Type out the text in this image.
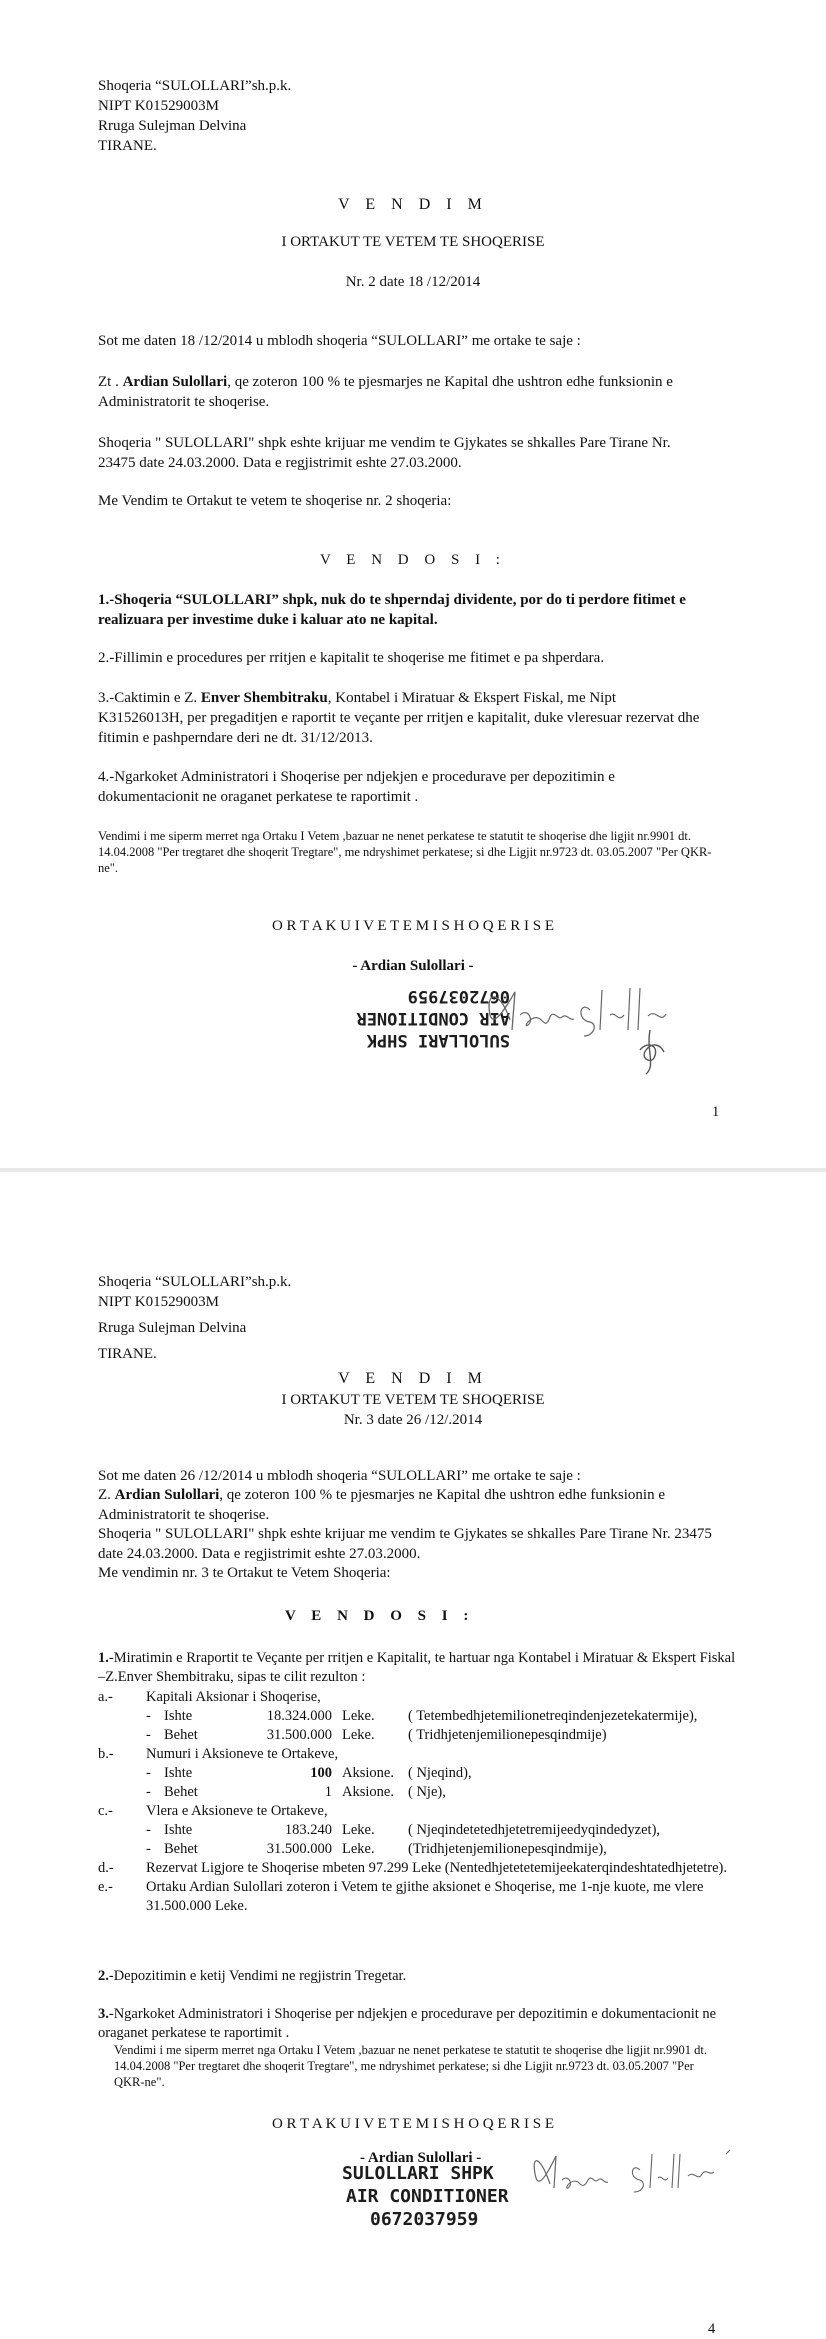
Shoqeria “SULOLLARI”sh.p.k.
NIPT K01529003M
Rruga Sulejman Delvina
TIRANE.
V E N D I M
I ORTAKUT TE VETEM TE SHOQERISE
Nr. 2 date 18 /12/2014
Sot me daten 18 /12/2014 u mblodh shoqeria “SULOLLARI” me ortake te saje :
Zt . Ardian Sulollari, qe zoteron 100 % te pjesmarjes ne Kapital dhe ushtron edhe funksionin e Administratorit te shoqerise.
Shoqeria " SULOLLARI" shpk eshte krijuar me vendim te Gjykates se shkalles Pare Tirane Nr. 23475 date 24.03.2000. Data e regjistrimit eshte 27.03.2000.
Me Vendim te Ortakut te vetem te shoqerise nr. 2 shoqeria:
V E N D O S I :
1.-Shoqeria “SULOLLARI” shpk, nuk do te shperndaj dividente, por do ti perdore fitimet e realizuara per investime duke i kaluar ato ne kapital.
2.-Fillimin e procedures per rritjen e kapitalit te shoqerise me fitimet e pa shperdara.
3.-Caktimin e Z. Enver Shembitraku, Kontabel i Miratuar & Ekspert Fiskal, me Nipt K31526013H, per pregaditjen e raportit te veçante per rritjen e kapitalit, duke vleresuar rezervat dhe fitimin e pashperndare deri ne dt. 31/12/2013.
4.-Ngarkoket Administratori i Shoqerise per ndjekjen e procedurave per depozitimin e dokumentacionit ne oraganet perkatese te raportimit .
Vendimi i me siperm merret nga Ortaku I Vetem ,bazuar ne nenet perkatese te statutit te shoqerise dhe ligjit nr.9901 dt. 14.04.2008 "Per tregtaret dhe shoqerit Tregtare", me ndryshimet perkatese; si dhe Ligjit nr.9723 dt. 03.05.2007 "Per QKR-ne".
O R T A K U I V E T E M I S H O Q E R I S E
- Ardian Sulollari -
SULOLLARI SHPK
AIR CONDITIONER
0672037959
1
Shoqeria “SULOLLARI”sh.p.k.
NIPT K01529003M
Rruga Sulejman Delvina
TIRANE.
V E N D I M
I ORTAKUT TE VETEM TE SHOQERISE
Nr. 3 date 26 /12/.2014
Sot me daten 26 /12/2014 u mblodh shoqeria “SULOLLARI” me ortake te saje :
Z. Ardian Sulollari, qe zoteron 100 % te pjesmarjes ne Kapital dhe ushtron edhe funksionin e Administratorit te shoqerise.
Shoqeria " SULOLLARI" shpk eshte krijuar me vendim te Gjykates se shkalles Pare Tirane Nr. 23475 date 24.03.2000. Data e regjistrimit eshte 27.03.2000.
Me vendimin nr. 3 te Ortakut te Vetem Shoqeria:
V E N D O S I :
1.-Miratimin e Rraportit te Veçante per rritjen e Kapitalit, te hartuar nga Kontabel i Miratuar & Ekspert Fiskal –Z.Enver Shembitraku, sipas te cilit rezulton :
a.-	Kapitali Aksionar i Shoqerise,
- Ishte	18.324.000 Leke.	( Tetembedhjetemilionetreqindenjezetekatermije),
- Behet	31.500.000 Leke.	( Tridhjetenjemilionepesqindmije)
b.-	Numuri i Aksioneve te Ortakeve,
- Ishte	100 Aksione. ( Njeqind),
- Behet	1 Aksione. ( Nje),
c.-	Vlera e Aksioneve te Ortakeve,
- Ishte	183.240 Leke.	( Njeqindetetedhjetetremijeedyqindedyzet),
- Behet	31.500.000 Leke.	(Tridhjetenjemilionepesqindmije),
d.-	Rezervat Ligjore te Shoqerise mbeten 97.299 Leke (Nentedhjetetetemijeekaterqindeshtatedhjetetre).
e.-	Ortaku Ardian Sulollari zoteron i Vetem te gjithe aksionet e Shoqerise, me 1-nje kuote, me vlere 31.500.000 Leke.
2.-Depozitimin e ketij Vendimi ne regjistrin Tregetar.
3.-Ngarkoket Administratori i Shoqerise per ndjekjen e procedurave per depozitimin e dokumentacionit ne oraganet perkatese te raportimit .
Vendimi i me siperm merret nga Ortaku I Vetem ,bazuar ne nenet perkatese te statutit te shoqerise dhe ligjit nr.9901 dt. 14.04.2008 "Per tregtaret dhe shoqerit Tregtare", me ndryshimet perkatese; si dhe Ligjit nr.9723 dt. 03.05.2007 "Per QKR-ne".
O R T A K U I V E T E M I S H O Q E R I S E
- Ardian Sulollari -
SULOLLARI SHPK
AIR CONDITIONER
0672037959
4
